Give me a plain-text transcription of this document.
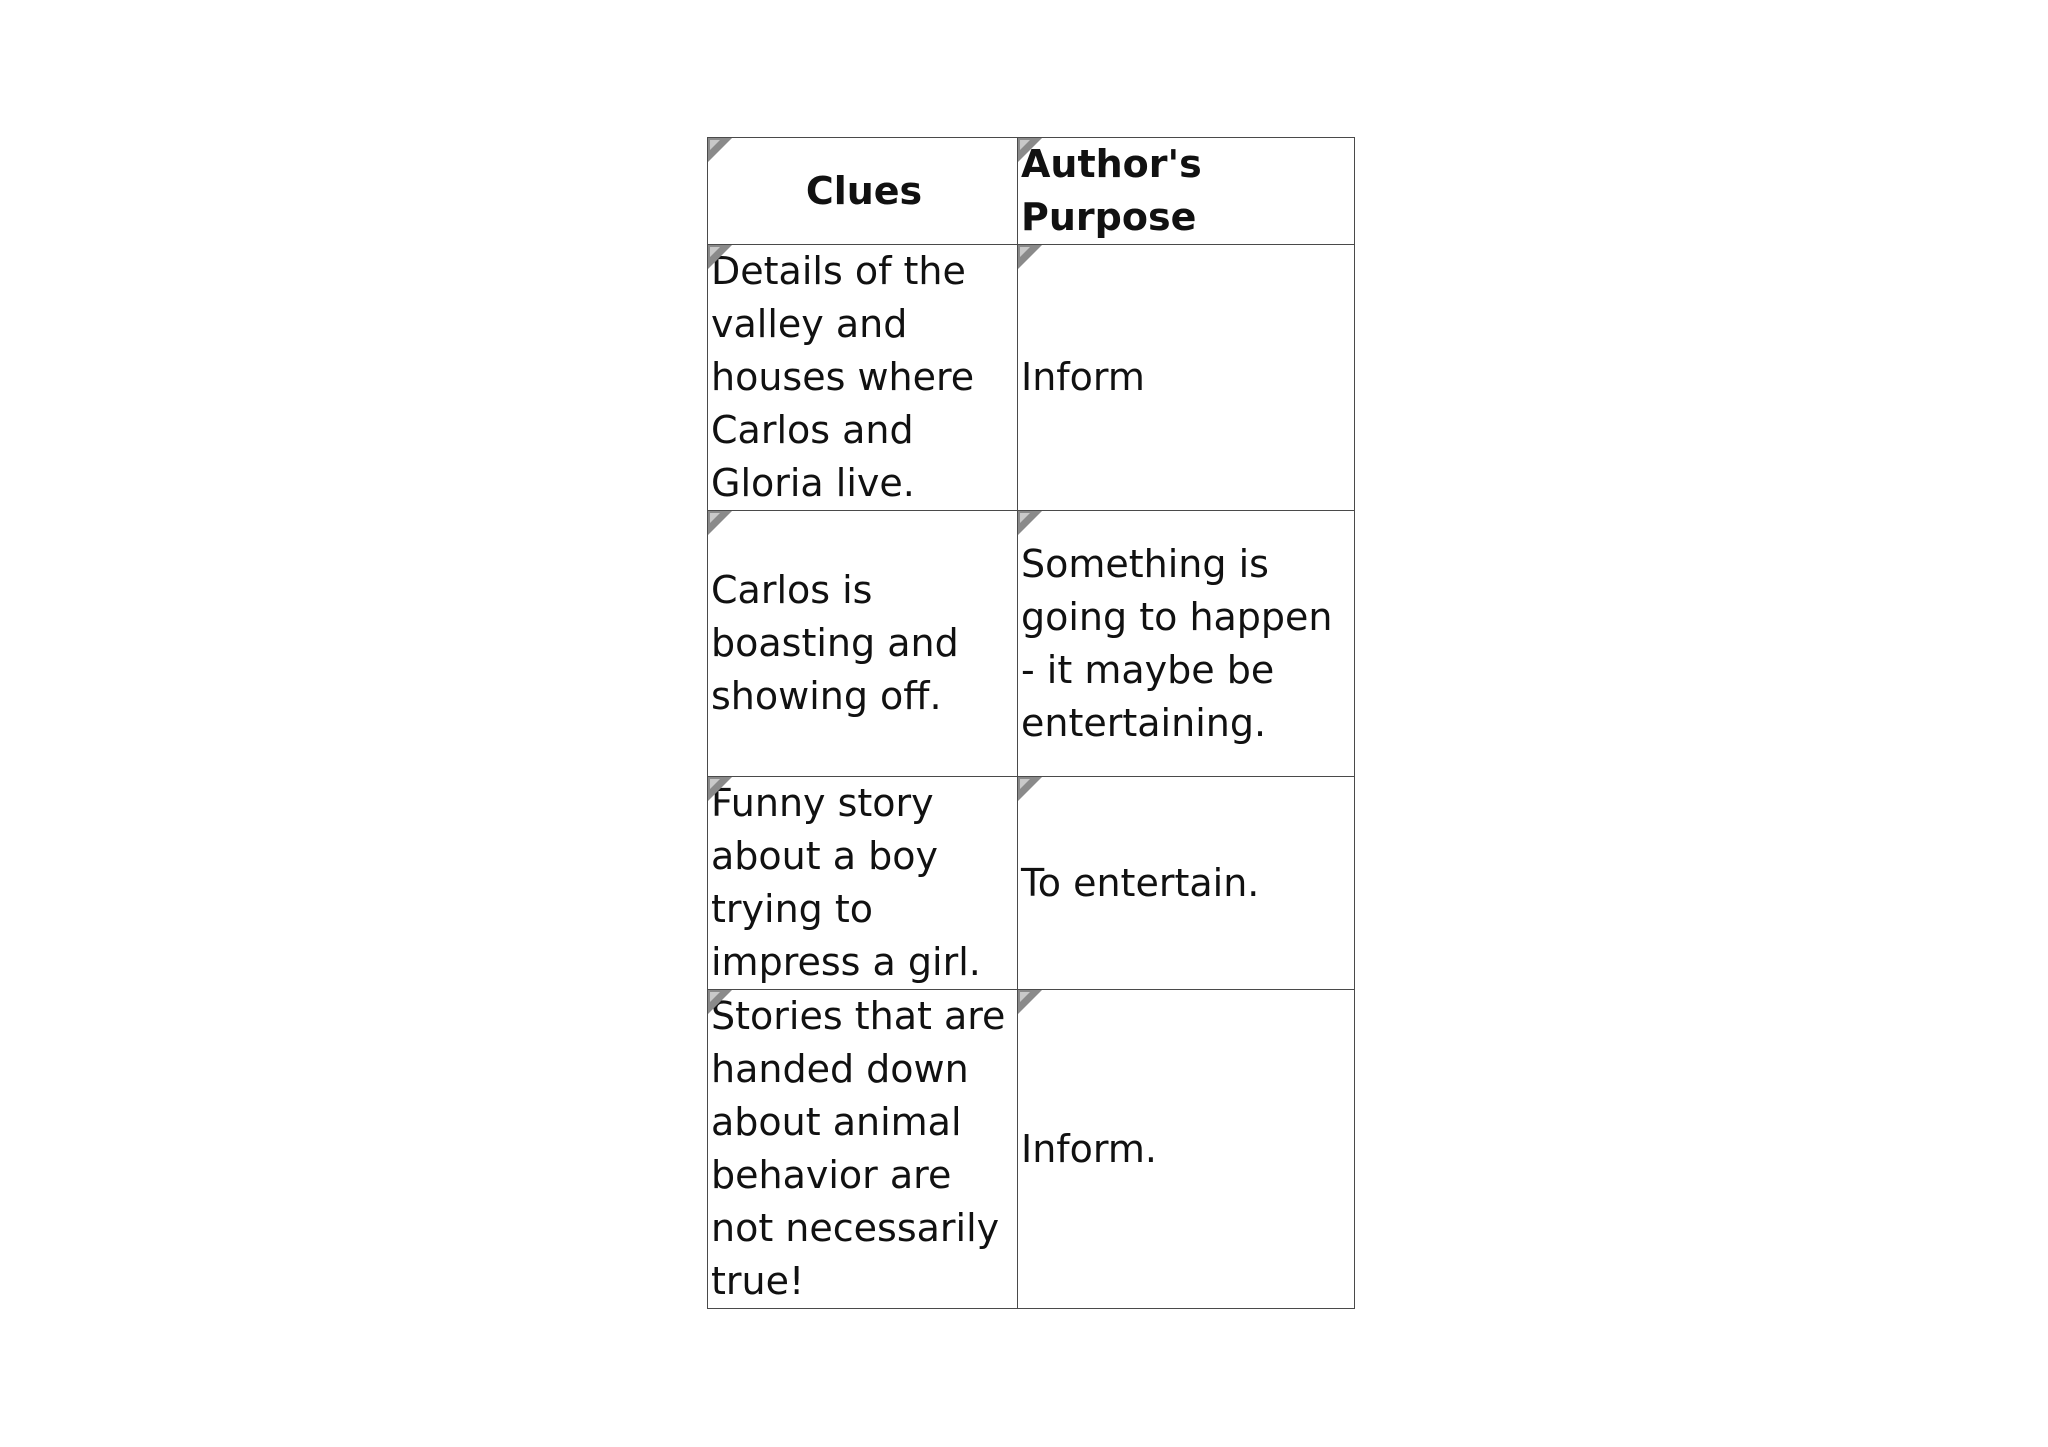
Clues	Author's Purpose

Details of the valley and houses where Carlos and Gloria live.	Inform

Carlos is boasting and showing off.	Something is going to happen - it maybe be entertaining.

Funny story about a boy trying to impress a girl.	To entertain.

Stories that are handed down about animal behavior are not necessarily true!	Inform.
